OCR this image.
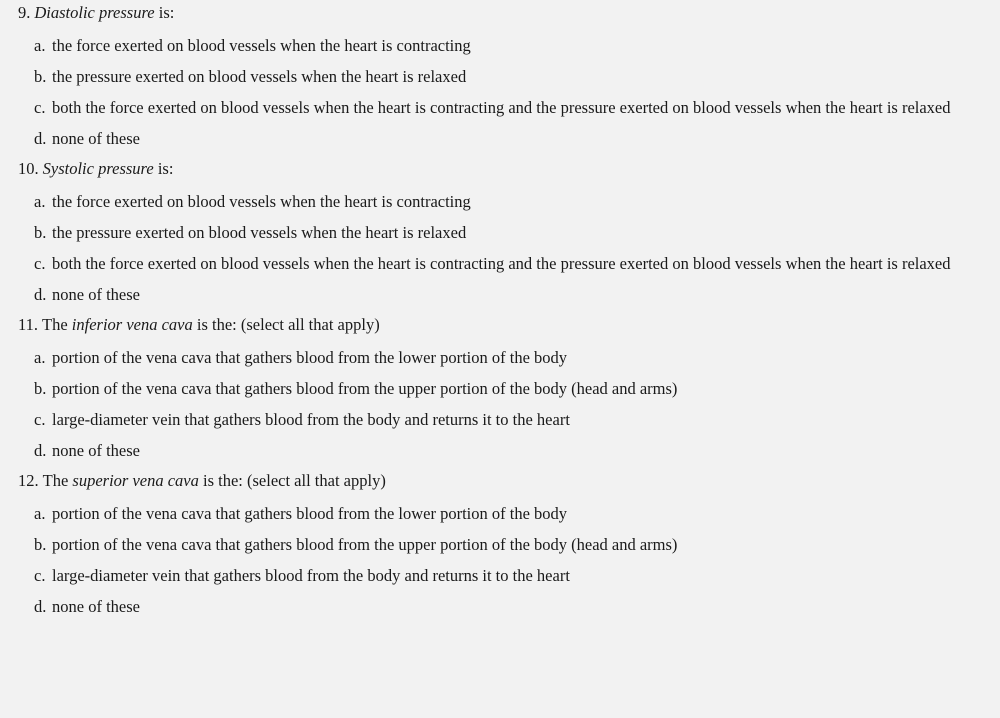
9. Diastolic pressure is:
a. the force exerted on blood vessels when the heart is contracting
b. the pressure exerted on blood vessels when the heart is relaxed
c. both the force exerted on blood vessels when the heart is contracting and the pressure exerted on blood vessels when the heart is relaxed
d. none of these
10. Systolic pressure is:
a. the force exerted on blood vessels when the heart is contracting
b. the pressure exerted on blood vessels when the heart is relaxed
c. both the force exerted on blood vessels when the heart is contracting and the pressure exerted on blood vessels when the heart is relaxed
d. none of these
11. The inferior vena cava is the: (select all that apply)
a. portion of the vena cava that gathers blood from the lower portion of the body
b. portion of the vena cava that gathers blood from the upper portion of the body (head and arms)
c. large-diameter vein that gathers blood from the body and returns it to the heart
d. none of these
12. The superior vena cava is the: (select all that apply)
a. portion of the vena cava that gathers blood from the lower portion of the body
b. portion of the vena cava that gathers blood from the upper portion of the body (head and arms)
c. large-diameter vein that gathers blood from the body and returns it to the heart
d. none of these
